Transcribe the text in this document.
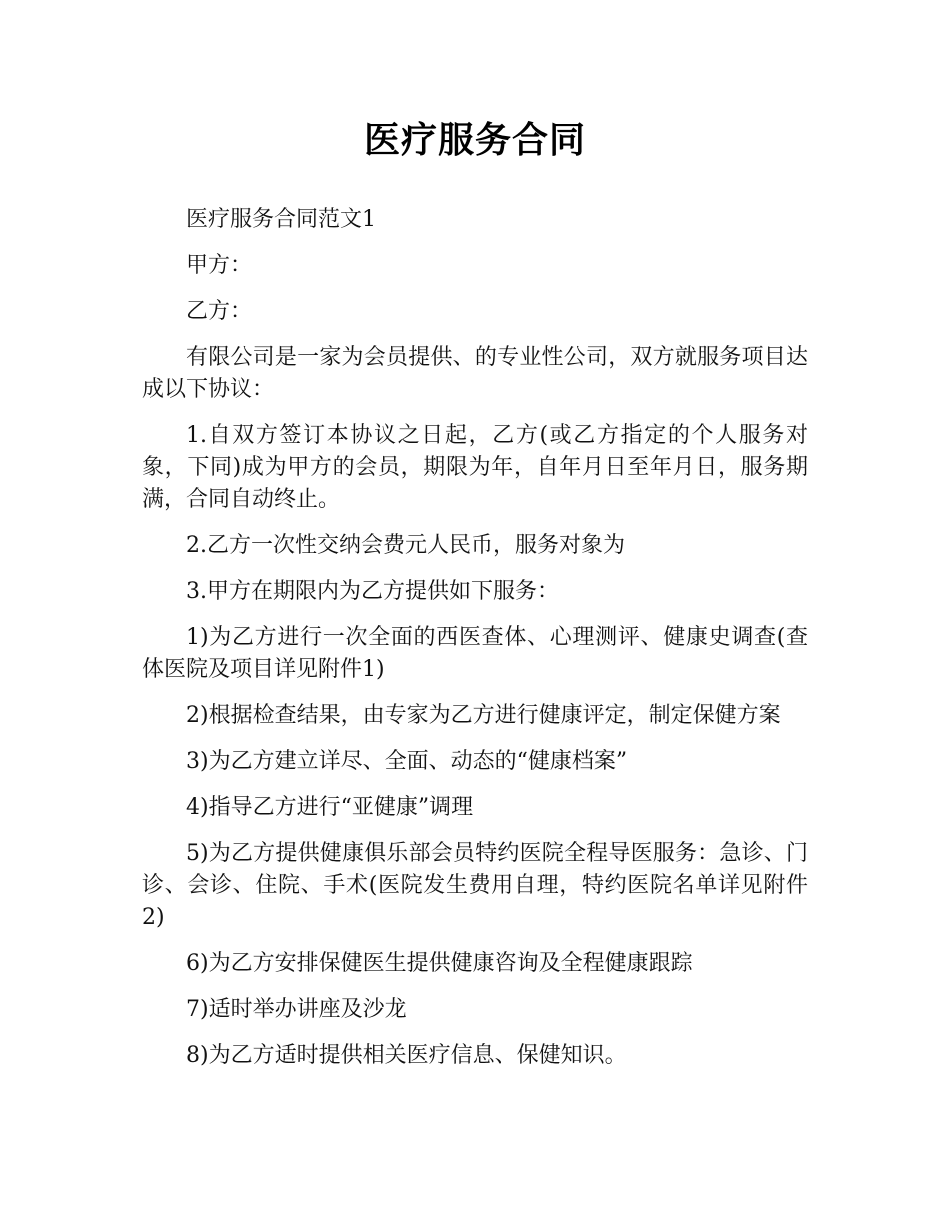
医疗服务合同

医疗服务合同范文1

甲方：

乙方：

有限公司是一家为会员提供、的专业性公司，双方就服务项目达成以下协议：

1.自双方签订本协议之日起，乙方(或乙方指定的个人服务对象，下同)成为甲方的会员，期限为年，自年月日至年月日，服务期满，合同自动终止。

2.乙方一次性交纳会费元人民币，服务对象为

3.甲方在期限内为乙方提供如下服务：

1)为乙方进行一次全面的西医查体、心理测评、健康史调查(查体医院及项目详见附件1)

2)根据检查结果，由专家为乙方进行健康评定，制定保健方案

3)为乙方建立详尽、全面、动态的“健康档案”

4)指导乙方进行“亚健康”调理

5)为乙方提供健康俱乐部会员特约医院全程导医服务：急诊、门诊、会诊、住院、手术(医院发生费用自理，特约医院名单详见附件2)

6)为乙方安排保健医生提供健康咨询及全程健康跟踪

7)适时举办讲座及沙龙

8)为乙方适时提供相关医疗信息、保健知识。
